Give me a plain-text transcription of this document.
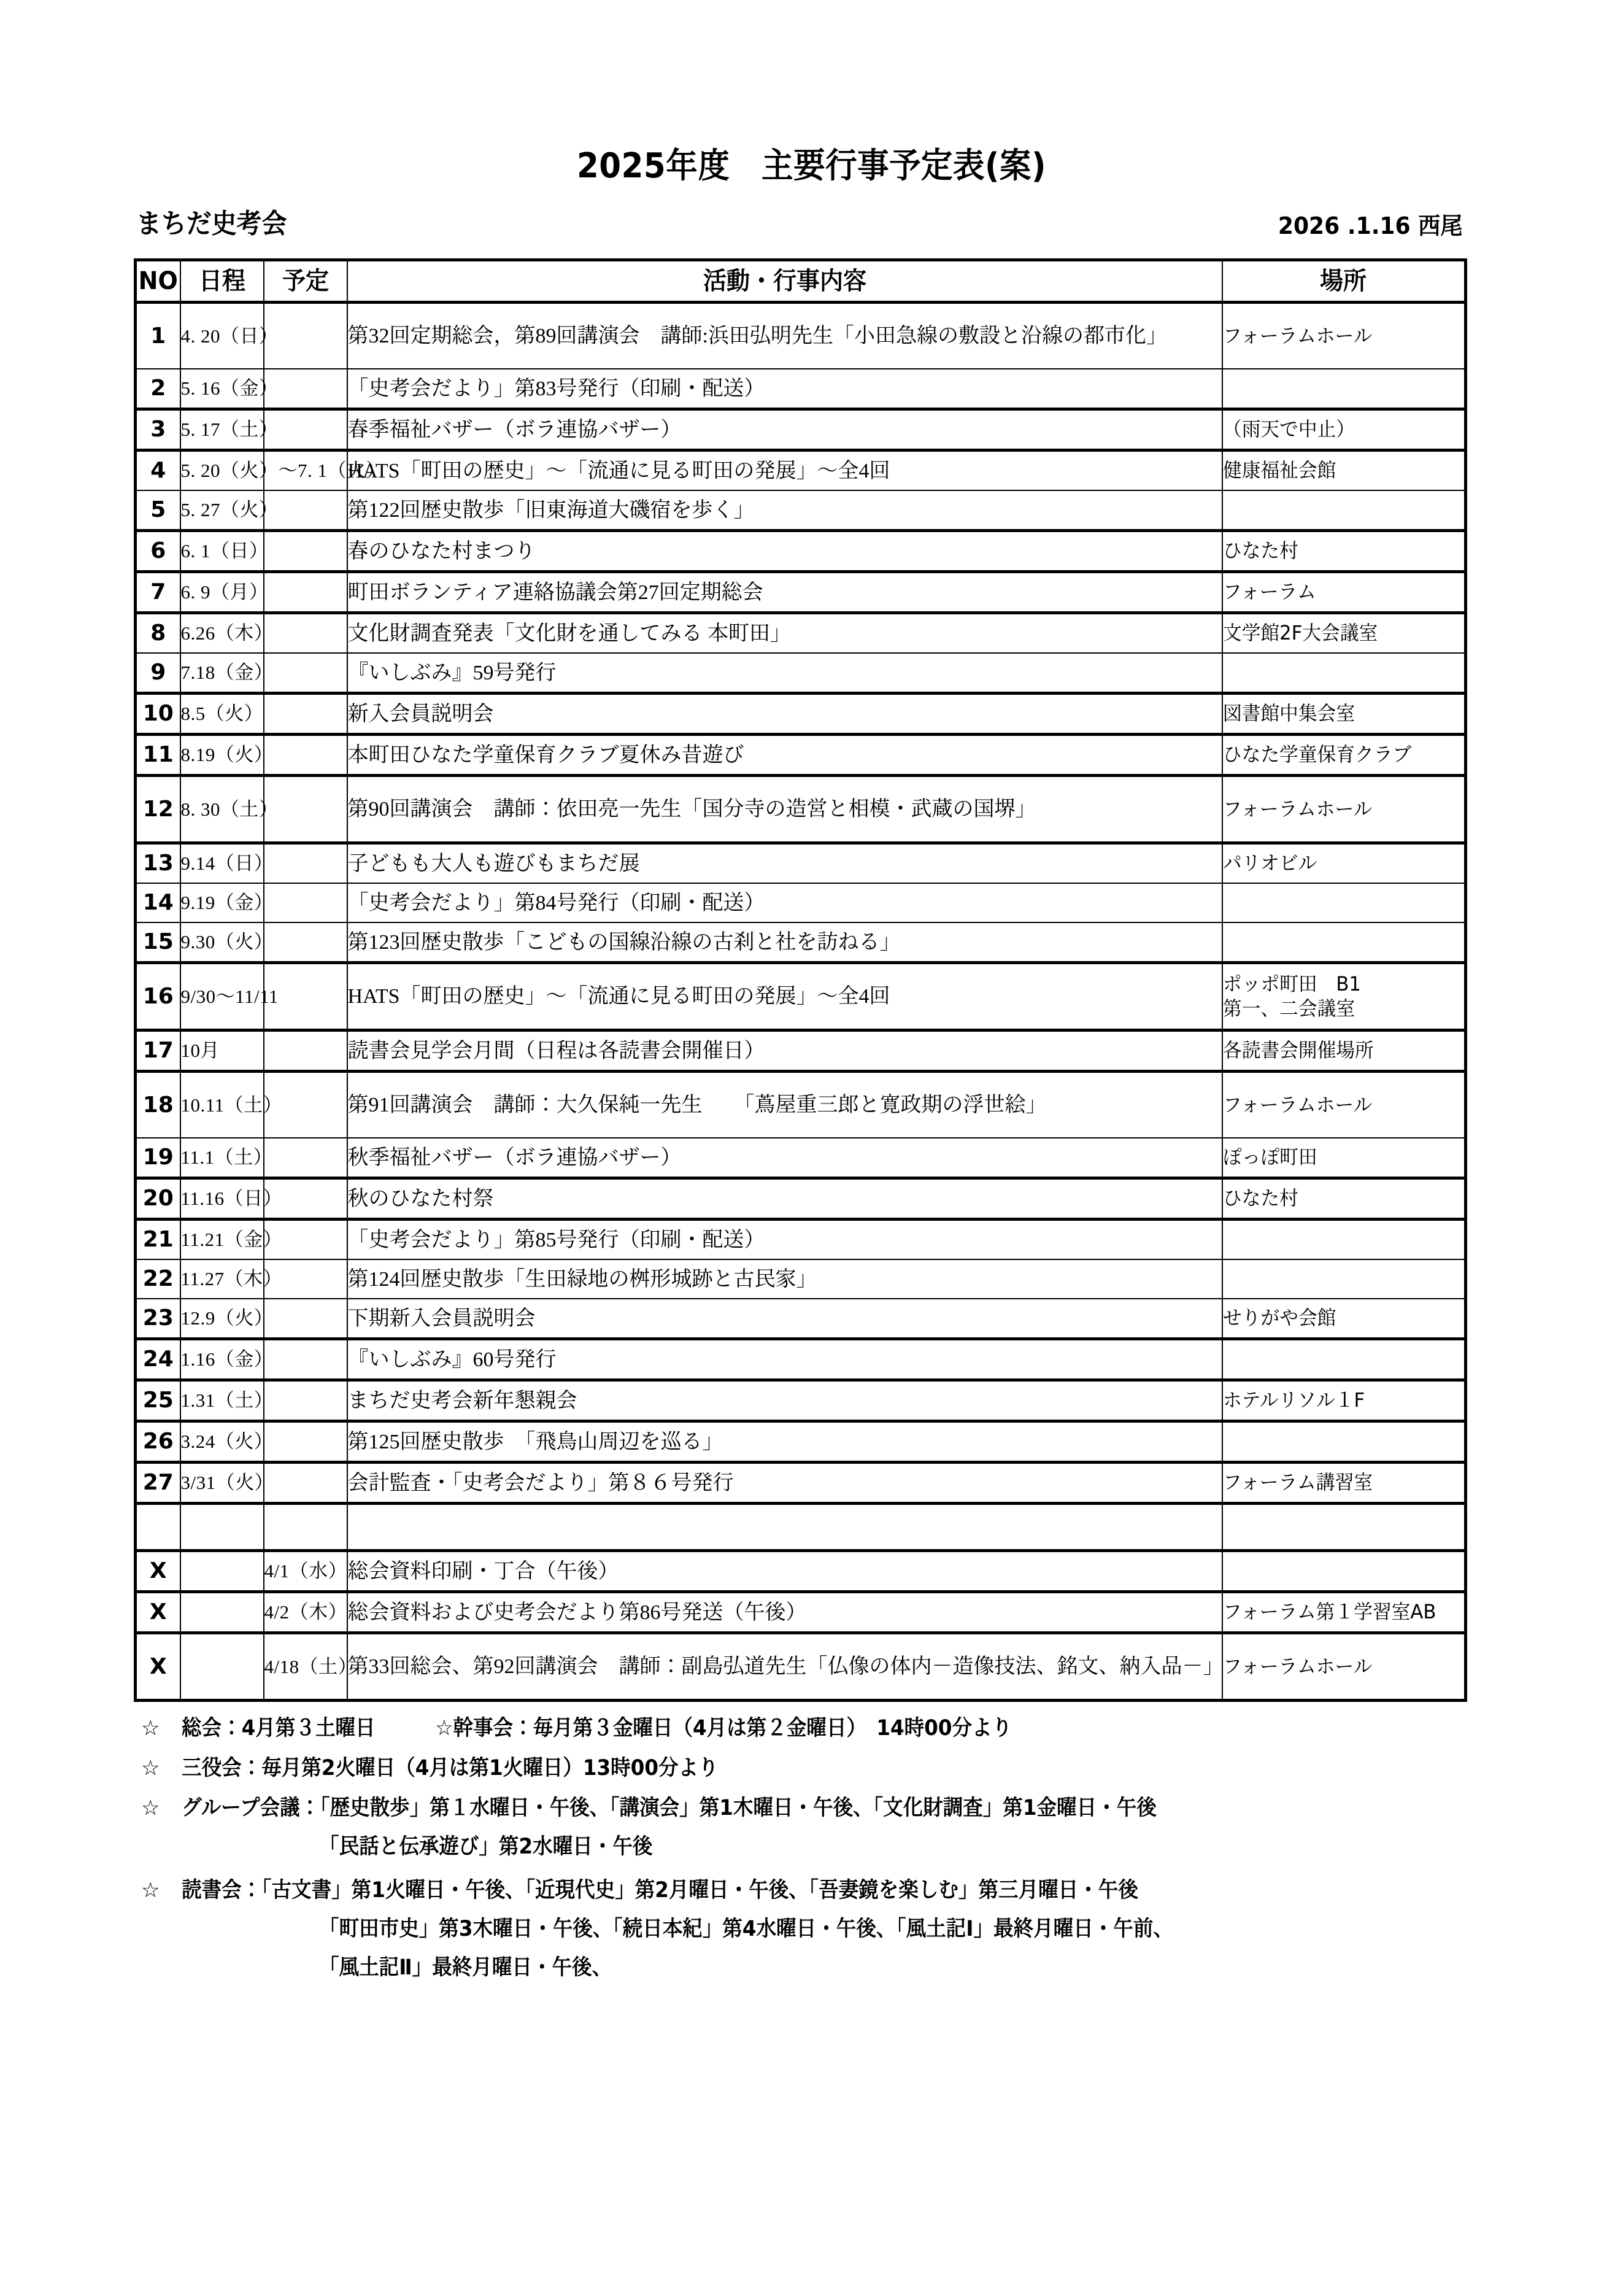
2025年度　主要行事予定表(案)
まちだ史考会	2026 .1.16 西尾
NO	日程	予定	活動・行事内容	場所
1	4. 20（日）		第32回定期総会，第89回講演会　講師:浜田弘明先生「小田急線の敷設と沿線の都市化」	フォーラムホール
2	5. 16（金）		「史考会だより」第83号発行（印刷・配送）	
3	5. 17（土）		春季福祉バザー（ボラ連協バザー）	（雨天で中止）
4	5. 20（火）～7. 1（火）		HATS「町田の歴史」～「流通に見る町田の発展」～全4回	健康福祉会館
5	5. 27（火）		第122回歴史散歩「旧東海道大磯宿を歩く」	
6	6. 1（日）		春のひなた村まつり	ひなた村
7	6. 9（月）		町田ボランティア連絡協議会第27回定期総会	フォーラム
8	6.26（木）		文化財調査発表「文化財を通してみる 本町田」	文学館2F大会議室
9	7.18（金）		『いしぶみ』59号発行	
10	8.5（火）		新入会員説明会	図書館中集会室
11	8.19（火）		本町田ひなた学童保育クラブ夏休み昔遊び	ひなた学童保育クラブ
12	8. 30（土）		第90回講演会　講師：依田亮一先生「国分寺の造営と相模・武蔵の国堺」	フォーラムホール
13	9.14（日）		子どもも大人も遊びもまちだ展	パリオビル
14	9.19（金）		「史考会だより」第84号発行（印刷・配送）	
15	9.30（火）		第123回歴史散歩「こどもの国線沿線の古刹と社を訪ねる」	
16	9/30～11/11		HATS「町田の歴史」～「流通に見る町田の発展」～全4回	ポッポ町田　B1
第一、二会議室
17	10月		読書会見学会月間（日程は各読書会開催日）	各読書会開催場所
18	10.11（土）		第91回講演会　講師：大久保純一先生　　「蔦屋重三郎と寛政期の浮世絵」	フォーラムホール
19	11.1（土）		秋季福祉バザー（ボラ連協バザー）	ぽっぽ町田
20	11.16（日）		秋のひなた村祭	ひなた村
21	11.21（金）		「史考会だより」第85号発行（印刷・配送）	
22	11.27（木）		第124回歴史散歩「生田緑地の桝形城跡と古民家」	
23	12.9（火）		下期新入会員説明会	せりがや会館
24	1.16（金）		『いしぶみ』60号発行	
25	1.31（土）		まちだ史考会新年懇親会	ホテルリソル１F
26	3.24（火）		第125回歴史散歩　「飛鳥山周辺を巡る」	
27	3/31（火）		会計監査・「史考会だより」第８６号発行	フォーラム講習室

X		4/1（水）	総会資料印刷・丁合（午後）	
X		4/2（木）	総会資料および史考会だより第86号発送（午後）	フォーラム第１学習室AB
X		4/18（土）	第33回総会、第92回講演会　講師：副島弘道先生「仏像の体内－造像技法、銘文、納入品－」	フォーラムホール
☆ 総会：4月第３土曜日　　　☆幹事会：毎月第３金曜日（4月は第２金曜日）　14時00分より
☆ 三役会：毎月第2火曜日（4月は第1火曜日）13時00分より
☆ グループ会議：「歴史散歩」第１水曜日・午後、「講演会」第1木曜日・午後、「文化財調査」第1金曜日・午後
「民話と伝承遊び」第2水曜日・午後
☆ 読書会：「古文書」第1火曜日・午後、「近現代史」第2月曜日・午後、「吾妻鏡を楽しむ」第三月曜日・午後
「町田市史」第3木曜日・午後、「続日本紀」第4水曜日・午後、「風土記Ⅰ」最終月曜日・午前、
「風土記Ⅱ」最終月曜日・午後、
